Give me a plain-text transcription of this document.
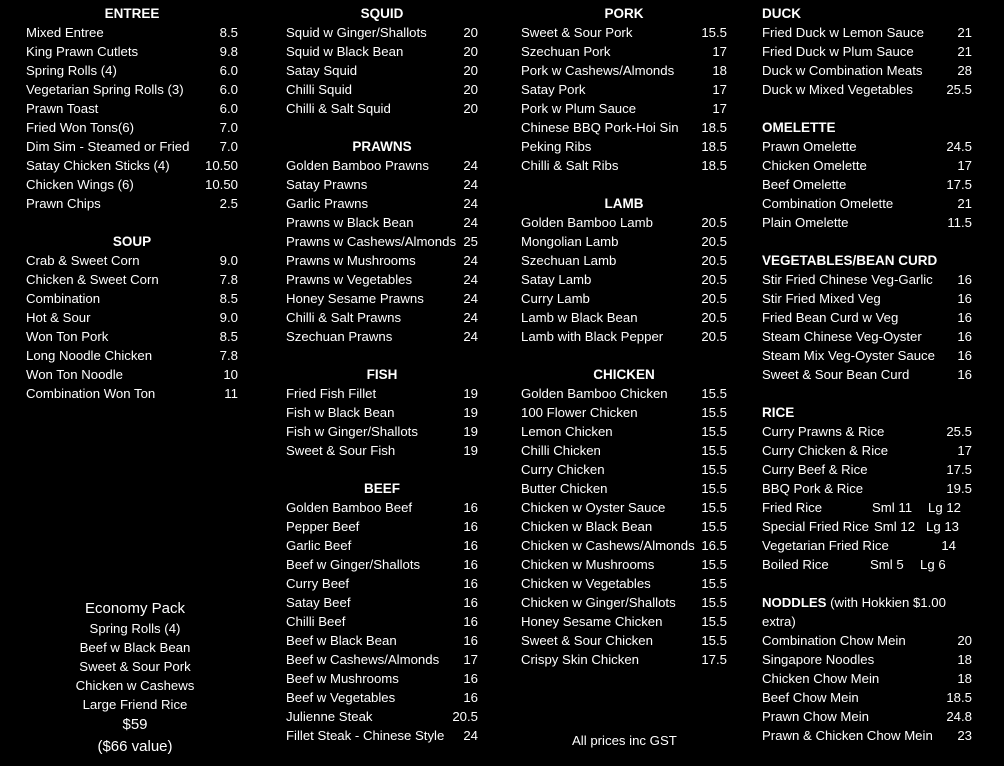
ENTREE
Mixed Entree	8.5
King Prawn Cutlets	9.8
Spring Rolls (4)	6.0
Vegetarian Spring Rolls (3)	6.0
Prawn Toast	6.0
Fried Won Tons(6)	7.0
Dim Sim - Steamed or Fried 7.0
Satay Chicken Sticks (4)	10.50
Chicken Wings (6)	10.50
Prawn Chips	2.5
SOUP
Crab & Sweet Corn	9.0
Chicken & Sweet Corn	7.8
Combination	8.5
Hot & Sour	9.0
Won Ton Pork	8.5
Long Noodle Chicken	7.8
Won Ton Noodle	10
Combination Won Ton	11
Economy Pack
Spring Rolls (4)
Beef w Black Bean
Sweet & Sour Pork
Chicken w Cashews
Large Friend Rice
$59
($66 value)
SQUID
Squid w Ginger/Shallots	20
Squid w Black Bean	20
Satay Squid	20
Chilli Squid	20
Chilli & Salt Squid	20
PRAWNS
Golden Bamboo Prawns	24
Satay Prawns	24
Garlic Prawns	24
Prawns w Black Bean	24
Prawns w Cashews/Almonds 25
Prawns w Mushrooms	24
Prawns w Vegetables	24
Honey Sesame Prawns	24
Chilli & Salt Prawns	24
Szechuan Prawns	24
FISH
Fried Fish Fillet	19
Fish w Black Bean	19
Fish w Ginger/Shallots	19
Sweet & Sour Fish	19
BEEF
Golden Bamboo Beef	16
Pepper Beef	16
Garlic Beef	16
Beef w Ginger/Shallots	16
Curry Beef	16
Satay Beef	16
Chilli Beef	16
Beef w Black Bean	16
Beef w Cashews/Almonds 17
Beef w Mushrooms	16
Beef w Vegetables	16
Julienne Steak	20.5
Fillet Steak - Chinese Style 24
PORK
Sweet & Sour Pork	15.5
Szechuan Pork	17
Pork w Cashews/Almonds	18
Satay Pork	17
Pork w Plum Sauce	17
Chinese BBQ Pork-Hoi Sin 18.5
Peking Ribs	18.5
Chilli & Salt Ribs	18.5
LAMB
Golden Bamboo Lamb	20.5
Mongolian Lamb	20.5
Szechuan Lamb	20.5
Satay Lamb	20.5
Curry Lamb	20.5
Lamb w Black Bean	20.5
Lamb with Black Pepper	20.5
CHICKEN
Golden Bamboo Chicken	15.5
100 Flower Chicken	15.5
Lemon Chicken	15.5
Chilli Chicken	15.5
Curry Chicken	15.5
Butter Chicken	15.5
Chicken w Oyster Sauce	15.5
Chicken w Black Bean	15.5
Chicken w Cashews/Almonds 16.5
Chicken w Mushrooms	15.5
Chicken w Vegetables	15.5
Chicken w Ginger/Shallots 15.5
Honey Sesame Chicken	15.5
Sweet & Sour Chicken	15.5
Crispy Skin Chicken	17.5
All prices inc GST
DUCK
Fried Duck w Lemon Sauce	21
Fried Duck w Plum Sauce	21
Duck w Combination Meats	28
Duck w Mixed Vegetables	25.5
OMELETTE
Prawn Omelette	24.5
Chicken Omelette	17
Beef Omelette	17.5
Combination Omelette	21
Plain Omelette	11.5
VEGETABLES/BEAN CURD
Stir Fried Chinese Veg-Garlic 16
Stir Fried Mixed Veg	16
Fried Bean Curd w Veg	16
Steam Chinese Veg-Oyster	16
Steam Mix Veg-Oyster Sauce 16
Sweet & Sour Bean Curd	16
RICE
Curry Prawns & Rice	25.5
Curry Chicken & Rice	17
Curry Beef & Rice	17.5
BBQ Pork & Rice	19.5
Fried Rice	Sml 11 Lg 12
Special Fried Rice Sml 12 Lg 13
Vegetarian Fried Rice	14
Boiled Rice	Sml 5 Lg 6
NODDLES (with Hokkien $1.00 extra)
Combination Chow Mein	20
Singapore Noodles	18
Chicken Chow Mein	18
Beef Chow Mein	18.5
Prawn Chow Mein	24.8
Prawn & Chicken Chow Mein 23
